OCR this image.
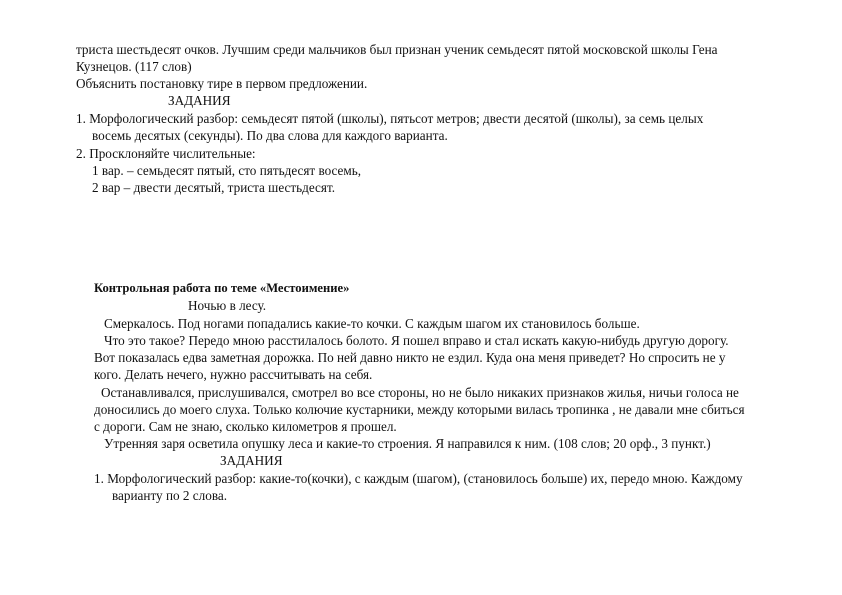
триста шестьдесят очков. Лучшим среди мальчиков был признан ученик семьдесят пятой московской школы Гена
Кузнецов. (117 слов)
Объяснить постановку тире в первом предложении.
ЗАДАНИЯ
1. Морфологический разбор: семьдесят пятой (школы), пятьсот метров; двести десятой (школы), за семь целых
восемь десятых (секунды). По два слова для каждого варианта.
2. Просклоняйте числительные:
1 вар. – семьдесят пятый, сто пятьдесят восемь,
2 вар – двести десятый, триста шестьдесят.
Контрольная работа по теме «Местоимение»
Ночью в лесу.
Смеркалось. Под ногами попадались какие-то кочки. С каждым шагом их становилось больше.
Что это такое? Передо мною расстилалось болото. Я пошел вправо и стал искать какую-нибудь другую дорогу.
Вот показалась едва заметная дорожка. По ней давно никто не ездил. Куда она меня приведет? Но спросить не у
кого. Делать нечего, нужно рассчитывать на себя.
Останавливался, прислушивался, смотрел во все стороны, но не было никаких признаков жилья, ничьи голоса не
доносились до моего слуха. Только колючие кустарники, между которыми вилась тропинка , не давали мне сбиться
с дороги. Сам не знаю, сколько километров я прошел.
Утренняя заря осветила опушку леса и какие-то строения. Я направился к ним. (108 слов; 20 орф., 3 пункт.)
ЗАДАНИЯ
1. Морфологический разбор: какие-то(кочки), с каждым (шагом), (становилось больше) их, передо мною. Каждому
варианту по 2 слова.
